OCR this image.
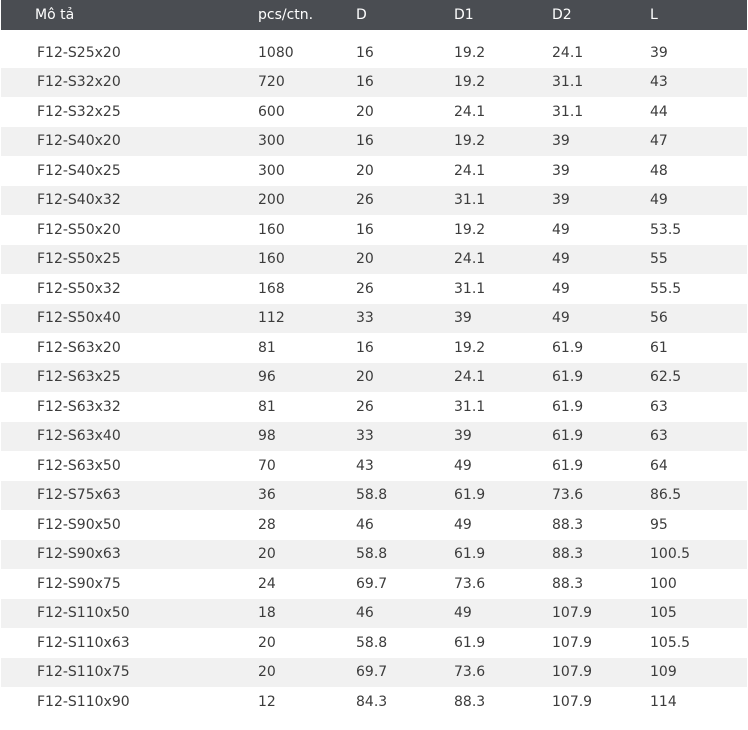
Mô tả	pcs/ctn.	D	D1	D2	L
F12-S25x20	1080	16	19.2	24.1	39
F12-S32x20	720	16	19.2	31.1	43
F12-S32x25	600	20	24.1	31.1	44
F12-S40x20	300	16	19.2	39	47
F12-S40x25	300	20	24.1	39	48
F12-S40x32	200	26	31.1	39	49
F12-S50x20	160	16	19.2	49	53.5
F12-S50x25	160	20	24.1	49	55
F12-S50x32	168	26	31.1	49	55.5
F12-S50x40	112	33	39	49	56
F12-S63x20	81	16	19.2	61.9	61
F12-S63x25	96	20	24.1	61.9	62.5
F12-S63x32	81	26	31.1	61.9	63
F12-S63x40	98	33	39	61.9	63
F12-S63x50	70	43	49	61.9	64
F12-S75x63	36	58.8	61.9	73.6	86.5
F12-S90x50	28	46	49	88.3	95
F12-S90x63	20	58.8	61.9	88.3	100.5
F12-S90x75	24	69.7	73.6	88.3	100
F12-S110x50	18	46	49	107.9	105
F12-S110x63	20	58.8	61.9	107.9	105.5
F12-S110x75	20	69.7	73.6	107.9	109
F12-S110x90	12	84.3	88.3	107.9	114
